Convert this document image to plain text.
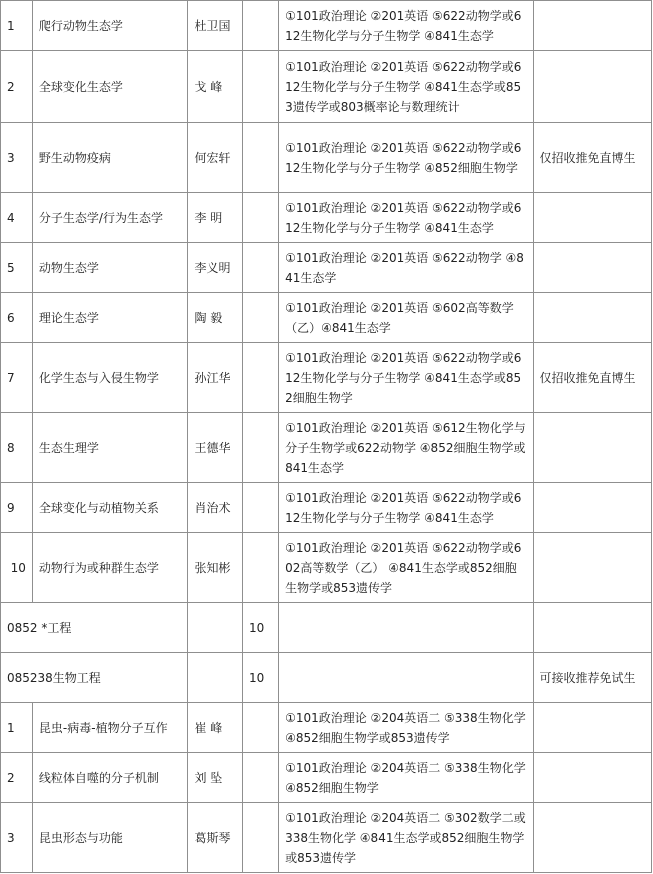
1	爬行动物生态学	杜卫国		①101政治理论 ②201英语 ⑤622动物学或612生物化学与分子生物学 ④841生态学	
2	全球变化生态学	戈 峰		①101政治理论 ②201英语 ⑤622动物学或612生物化学与分子生物学 ④841生态学或853遗传学或803概率论与数理统计	
3	野生动物疫病	何宏轩		①101政治理论 ②201英语 ⑤622动物学或612生物化学与分子生物学 ④852细胞生物学	仅招收推免直博生
4	分子生态学/行为生态学	李 明		①101政治理论 ②201英语 ⑤622动物学或612生物化学与分子生物学 ④841生态学	
5	动物生态学	李义明		①101政治理论 ②201英语 ⑤622动物学 ④841生态学	
6	理论生态学	陶 毅		①101政治理论 ②201英语 ⑤602高等数学（乙）④841生态学	
7	化学生态与入侵生物学	孙江华		①101政治理论 ②201英语 ⑤622动物学或612生物化学与分子生物学 ④841生态学或852细胞生物学	仅招收推免直博生
8	生态生理学	王德华		①101政治理论 ②201英语 ⑤612生物化学与分子生物学或622动物学 ④852细胞生物学或841生态学	
9	全球变化与动植物关系	肖治术		①101政治理论 ②201英语 ⑤622动物学或612生物化学与分子生物学 ④841生态学	
10	动物行为或种群生态学	张知彬		①101政治理论 ②201英语 ⑤622动物学或602高等数学（乙） ④841生态学或852细胞生物学或853遗传学	
0852 *工程			10		
085238生物工程			10		可接收推荐免试生
1	昆虫-病毒-植物分子互作	崔 峰		①101政治理论 ②204英语二 ⑤338生物化学 ④852细胞生物学或853遗传学	
2	线粒体自噬的分子机制	刘 坠		①101政治理论 ②204英语二 ⑤338生物化学 ④852细胞生物学	
3	昆虫形态与功能	葛斯琴		①101政治理论 ②204英语二 ⑤302数学二或338生物化学 ④841生态学或852细胞生物学或853遗传学	
